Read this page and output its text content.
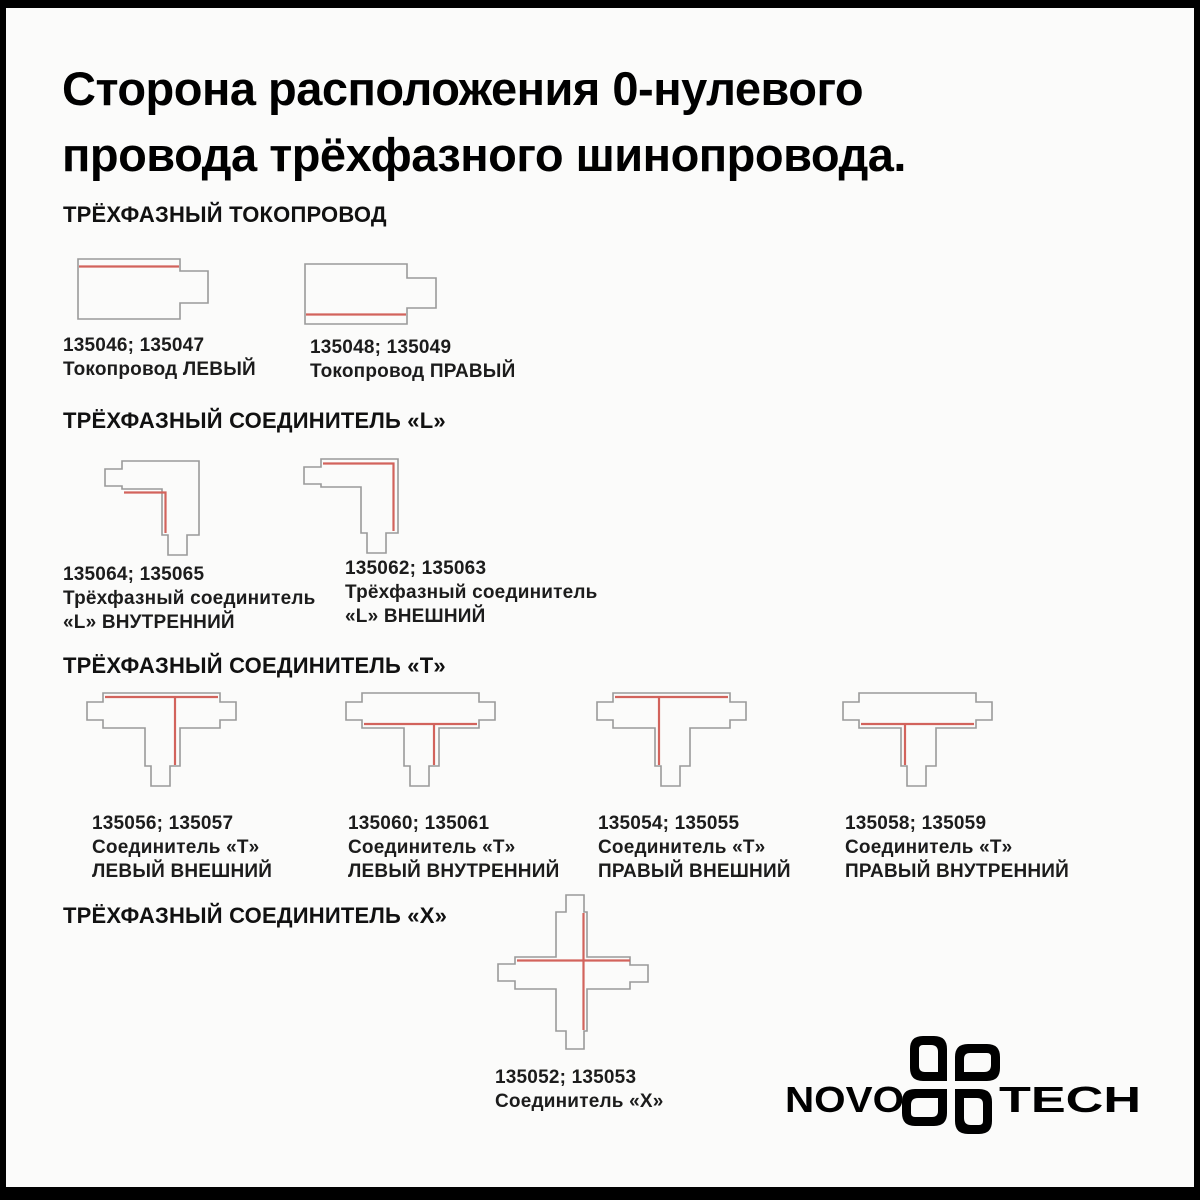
Сторона расположения 0-нулевого
провода трёхфазного шинопровода.
ТРЁХФАЗНЫЙ ТОКОПРОВОД
135046; 135047
Токопровод ЛЕВЫЙ
135048; 135049
Токопровод ПРАВЫЙ
ТРЁХФАЗНЫЙ СОЕДИНИТЕЛЬ «L»
135064; 135065
Трёхфазный соединитель
«L» ВНУТРЕННИЙ
135062; 135063
Трёхфазный соединитель
«L» ВНЕШНИЙ
ТРЁХФАЗНЫЙ СОЕДИНИТЕЛЬ «Т»
135056; 135057
Соединитель «Т»
ЛЕВЫЙ ВНЕШНИЙ
135060; 135061
Соединитель «Т»
ЛЕВЫЙ ВНУТРЕННИЙ
135054; 135055
Соединитель «Т»
ПРАВЫЙ ВНЕШНИЙ
135058; 135059
Соединитель «Т»
ПРАВЫЙ ВНУТРЕННИЙ
ТРЁХФАЗНЫЙ СОЕДИНИТЕЛЬ «Х»
135052; 135053
Соединитель «Х»	NOVO	TECH
